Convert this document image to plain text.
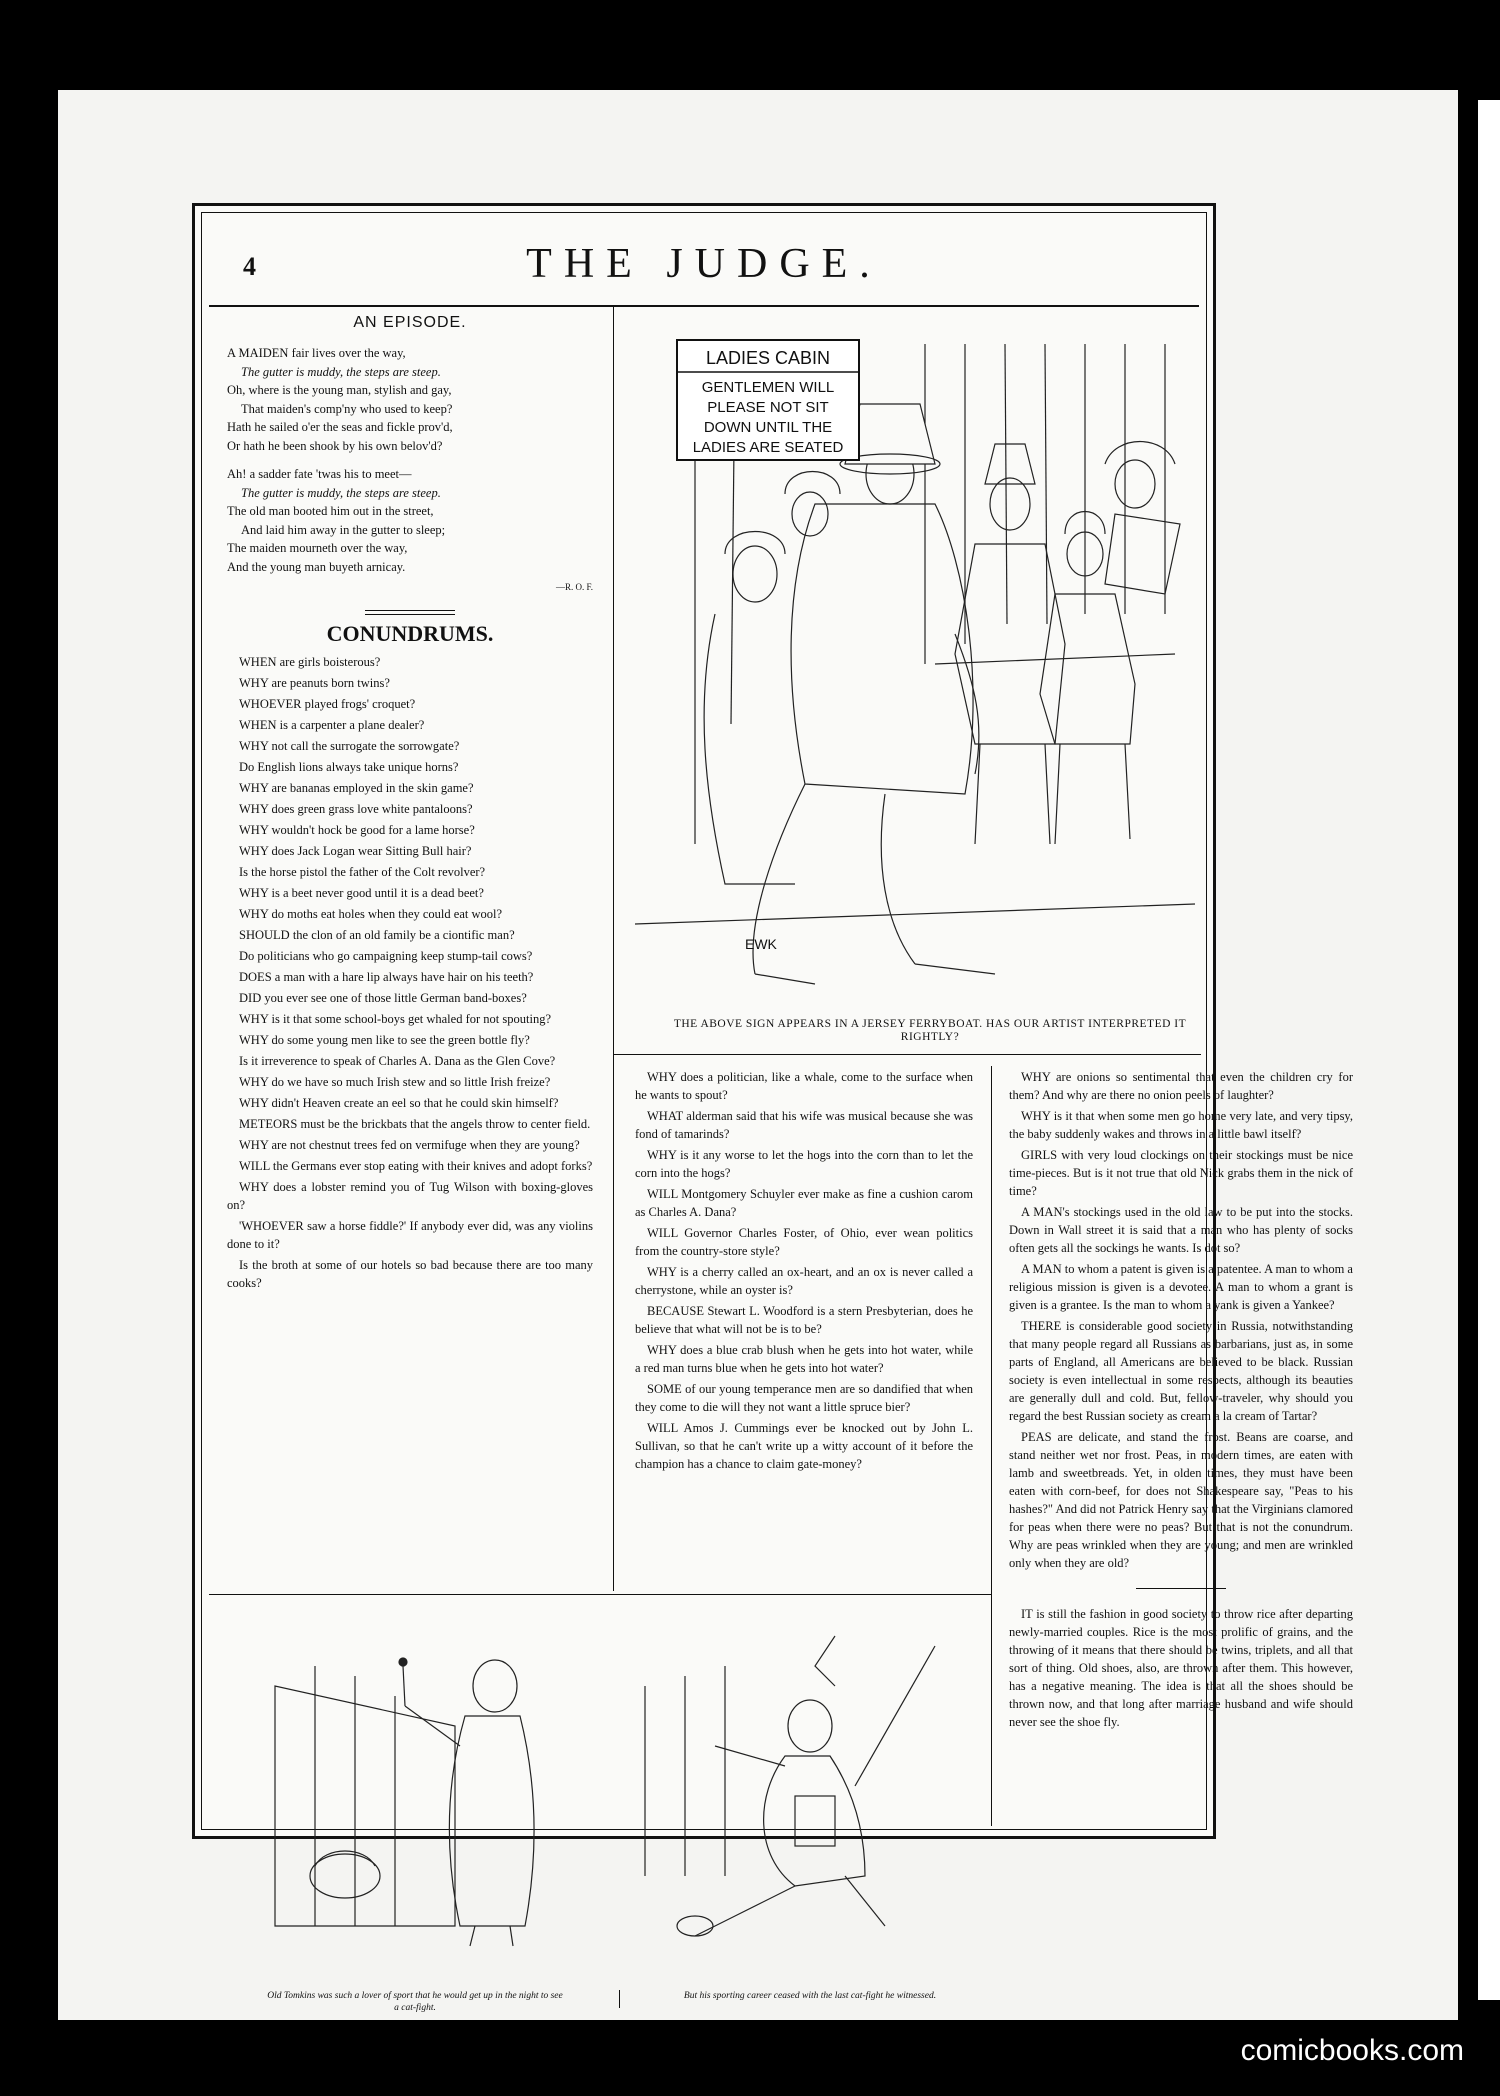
4	THE JUDGE.
AN EPISODE.
A MAIDEN fair lives over the way,
The gutter is muddy, the steps are steep.
Oh, where is the young man, stylish and gay,
That maiden's comp'ny who used to keep?
Hath he sailed o'er the seas and fickle prov'd,
Or hath he been shook by his own belov'd?
Ah! a sadder fate 'twas his to meet—
The gutter is muddy, the steps are steep.
The old man booted him out in the street,
And laid him away in the gutter to sleep;
The maiden mourneth over the way,
And the young man buyeth arnicay.
—R. O. F.
CONUNDRUMS.

WHEN are girls boisterous?

WHY are peanuts born twins?

WHOEVER played frogs' croquet?

WHEN is a carpenter a plane dealer?

WHY not call the surrogate the sorrowgate?

Do English lions always take unique horns?

WHY are bananas employed in the skin game?

WHY does green grass love white pantaloons?

WHY wouldn't hock be good for a lame horse?

WHY does Jack Logan wear Sitting Bull hair?

Is the horse pistol the father of the Colt revolver?

WHY is a beet never good until it is a dead beet?

WHY do moths eat holes when they could eat wool?

SHOULD the clon of an old family be a ciontific man?

Do politicians who go campaigning keep stump-tail cows?

DOES a man with a hare lip always have hair on his teeth?

DID you ever see one of those little German band-boxes?

WHY is it that some school-boys get whaled for not spouting?

WHY do some young men like to see the green bottle fly?

Is it irreverence to speak of Charles A. Dana as the Glen Cove?

WHY do we have so much Irish stew and so little Irish freize?

WHY didn't Heaven create an eel so that he could skin himself?

METEORS must be the brickbats that the angels throw to center field.

WHY are not chestnut trees fed on vermifuge when they are young?

WILL the Germans ever stop eating with their knives and adopt forks?

WHY does a lobster remind you of Tug Wilson with boxing-gloves on?

'WHOEVER saw a horse fiddle?' If anybody ever did, was any violins done to it?

Is the broth at some of our hotels so bad because there are too many cooks?

LADIES CABIN
GENTLEMEN WILL
PLEASE NOT SIT
DOWN UNTIL THE
LADIES ARE SEATED
EWK
THE ABOVE SIGN APPEARS IN A JERSEY FERRYBOAT. HAS OUR ARTIST INTERPRETED IT RIGHTLY?

WHY does a politician, like a whale, come to the surface when he wants to spout?

WHAT alderman said that his wife was musical because she was fond of tamarinds?

WHY is it any worse to let the hogs into the corn than to let the corn into the hogs?

WILL Montgomery Schuyler ever make as fine a cushion carom as Charles A. Dana?

WILL Governor Charles Foster, of Ohio, ever wean politics from the country-store style?

WHY is a cherry called an ox-heart, and an ox is never called a cherrystone, while an oyster is?

BECAUSE Stewart L. Woodford is a stern Presbyterian, does he believe that what will not be is to be?

WHY does a blue crab blush when he gets into hot water, while a red man turns blue when he gets into hot water?

SOME of our young temperance men are so dandified that when they come to die will they not want a little spruce bier?

WILL Amos J. Cummings ever be knocked out by John L. Sullivan, so that he can't write up a witty account of it before the champion has a chance to claim gate-money?

WHY are onions so sentimental that even the children cry for them? And why are there no onion peels of laughter?

WHY is it that when some men go home very late, and very tipsy, the baby suddenly wakes and throws in a little bawl itself?

GIRLS with very loud clockings on their stockings must be nice time-pieces. But is it not true that old Nick grabs them in the nick of time?

A MAN's stockings used in the old law to be put into the stocks. Down in Wall street it is said that a man who has plenty of socks often gets all the sockings he wants. Is dot so?

A MAN to whom a patent is given is a patentee. A man to whom a religious mission is given is a devotee. A man to whom a grant is given is a grantee. Is the man to whom a yank is given a Yankee?

THERE is considerable good society in Russia, notwithstanding that many people regard all Russians as barbarians, just as, in some parts of England, all Americans are believed to be black. Russian society is even intellectual in some respects, although its beauties are generally dull and cold. But, fellow-traveler, why should you regard the best Russian society as cream a la cream of Tartar?

PEAS are delicate, and stand the frost. Beans are coarse, and stand neither wet nor frost. Peas, in modern times, are eaten with lamb and sweetbreads. Yet, in olden times, they must have been eaten with corn-beef, for does not Shakespeare say, "Peas to his hashes?" And did not Patrick Henry say that the Virginians clamored for peas when there were no peas? But that is not the conundrum. Why are peas wrinkled when they are young; and men are wrinkled only when they are old?

IT is still the fashion in good society to throw rice after departing newly-married couples. Rice is the most prolific of grains, and the throwing of it means that there should be twins, triplets, and all that sort of thing. Old shoes, also, are thrown after them. This however, has a negative meaning. The idea is that all the shoes should be thrown now, and that long after marriage husband and wife should never see the shoe fly.

Old Tomkins was such a lover of sport that he would get up in the night to see a cat-fight.
But his sporting career ceased with the last cat-fight he witnessed.
comicbooks.com
